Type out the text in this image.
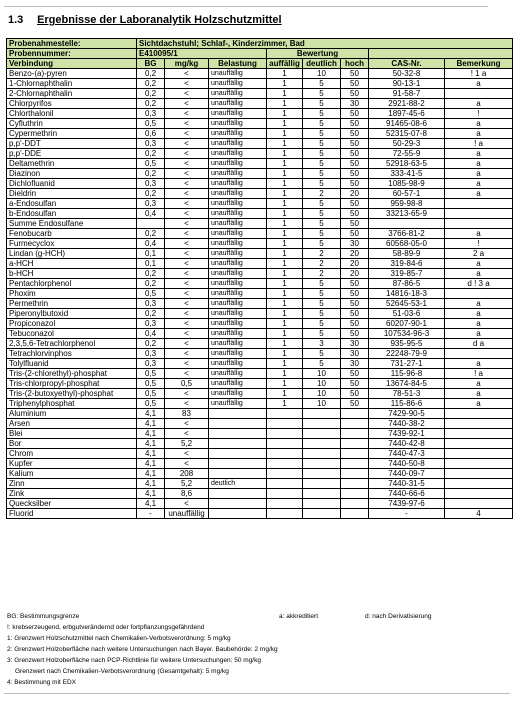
1.3 Ergebnisse der Laboranalytik Holzschutzmittel
Probenahmestelle:	Sichtdachstuhl; Schlaf-, Kinderzimmer, Bad							
Probennummer:	E410095/1			Bewertung				
Verbindung	BG	mg/kg	Belastung	auffällig	deutlich	hoch	CAS-Nr.	Bemerkung
Benzo-(a)-pyren	0,2	<	unauffällig	1	10	50	50-32-8	! 1 a
1-Chlornaphthalin	0,2	<	unauffällig	1	5	50	90-13-1	a
2-Chlornaphthalin	0,2	<	unauffällig	1	5	50	91-58-7	
Chlorpyrifos	0,2	<	unauffällig	1	5	30	2921-88-2	a
Chlorthalonil	0,3	<	unauffällig	1	5	50	1897-45-6	!
Cyfluthrin	0,5	<	unauffällig	1	5	50	91465-08-6	a
Cypermethrin	0,6	<	unauffällig	1	5	50	52315-07-8	a
p,p'-DDT	0,3	<	unauffällig	1	5	50	50-29-3	! a
p,p'-DDE	0,2	<	unauffällig	1	5	50	72-55-9	a
Deltamethrin	0,5	<	unauffällig	1	5	50	52918-63-5	a
Diazinon	0,2	<	unauffällig	1	5	50	333-41-5	a
Dichlofluanid	0,3	<	unauffällig	1	5	50	1085-98-9	a
Dieldrin	0,2	<	unauffällig	1	2	20	60-57-1	a
a-Endosulfan	0,3	<	unauffällig	1	5	50	959-98-8	
b-Endosulfan	0,4	<	unauffällig	1	5	50	33213-65-9	
Summe Endosulfane		<	unauffällig	1	5	50		
Fenobucarb	0,2	<	unauffällig	1	5	50	3766-81-2	a
Furmecyclox	0,4	<	unauffällig	1	5	30	60568-05-0	!
Lindan (g-HCH)	0,1	<	unauffällig	1	2	20	58-89-9	2 a
a-HCH	0,1	<	unauffällig	1	2	20	319-84-6	a
b-HCH	0,2	<	unauffällig	1	2	20	319-85-7	a
Pentachlorphenol	0,2	<	unauffällig	1	5	50	87-86-5	d ! 3 a
Phoxim	0,5	<	unauffällig	1	5	50	14816-18-3	
Permethrin	0,3	<	unauffällig	1	5	50	52645-53-1	a
Piperonylbutoxid	0,2	<	unauffällig	1	5	50	51-03-6	a
Propiconazol	0,3	<	unauffällig	1	5	50	60207-90-1	a
Tebuconazol	0,4	<	unauffällig	1	5	50	107534-96-3	a
2,3,5,6-Tetrachlorphenol	0,2	<	unauffällig	1	3	30	935-95-5	d a
Tetrachlorvinphos	0,3	<	unauffällig	1	5	30	22248-79-9	
Tolylfluanid	0,3	<	unauffällig	1	5	30	731-27-1	a
Tris-(2-chlorethyl)-phosphat	0,5	<	unauffällig	1	10	50	115-96-8	! a
Tris-chlorpropyl-phosphat	0,5	0,5	unauffällig	1	10	50	13674-84-5	a
Tris-(2-butoxyethyl)-phosphat	0,5	<	unauffällig	1	10	50	78-51-3	a
Triphenylphosphat	0,5	<	unauffällig	1	10	50	115-86-6	a
Aluminium	4,1	83					7429-90-5	
Arsen	4,1	<					7440-38-2	
Blei	4,1	<					7439-92-1	
Bor	4,1	5,2					7440-42-8	
Chrom	4,1	<					7440-47-3	
Kupfer	4,1	<					7440-50-8	
Kalium	4,1	208					7440-09-7	
Zinn	4,1	5,2	deutlich				7440-31-5	
Zink	4,1	8,6					7440-66-6	
Quecksilber	4,1	<					7439-97-6	
Fluorid	-	unauffällig					-	4
BG: Bestimmungsgrenze	a: akkreditiert	d: nach Derivatisierung
!: krebserzeugend, erbgutverändernd oder fortpflanzungsgefährdend
1: Grenzwert Holzschutzmittel nach Chemikalien-Verbotsverordnung: 5 mg/kg
2: Grenzwert Holzoberfläche nach weitere Untersuchungen nach Bayer. Baubehörde: 2 mg/kg
3: Grenzwert Holzoberfläche nach PCP-Richtlinie für weitere Untersuchungen: 50 mg/kg
Grenzwert nach Chemikalien-Verbotsverordnung (Gesamtgehalt): 5 mg/kg
4: Bestimmung mit EDX
